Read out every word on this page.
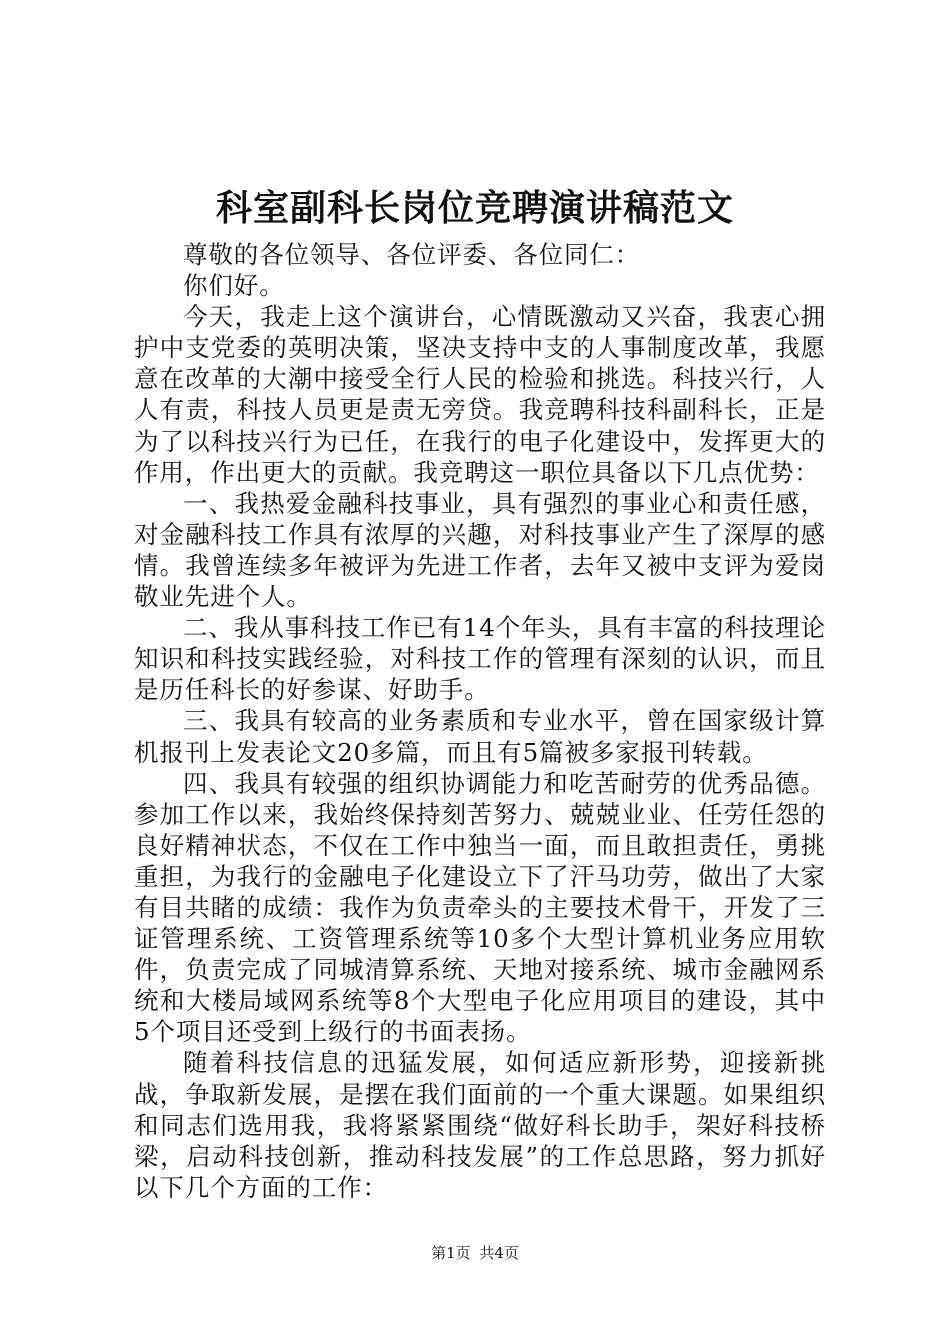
科室副科长岗位竞聘演讲稿范文

尊敬的各位领导、各位评委、各位同仁：

你们好。

今天，我走上这个演讲台，心情既激动又兴奋，我衷心拥护中支党委的英明决策，坚决支持中支的人事制度改革，我愿意在改革的大潮中接受全行人民的检验和挑选。科技兴行，人人有责，科技人员更是责无旁贷。我竞聘科技科副科长，正是为了以科技兴行为已任，在我行的电子化建设中，发挥更大的作用，作出更大的贡献。我竞聘这一职位具备以下几点优势：

一、我热爱金融科技事业，具有强烈的事业心和责任感，对金融科技工作具有浓厚的兴趣，对科技事业产生了深厚的感情。我曾连续多年被评为先进工作者，去年又被中支评为爱岗敬业先进个人。

二、我从事科技工作已有14个年头，具有丰富的科技理论知识和科技实践经验，对科技工作的管理有深刻的认识，而且是历任科长的好参谋、好助手。

三、我具有较高的业务素质和专业水平，曾在国家级计算机报刊上发表论文20多篇，而且有5篇被多家报刊转载。

四、我具有较强的组织协调能力和吃苦耐劳的优秀品德。参加工作以来，我始终保持刻苦努力、兢兢业业、任劳任怨的良好精神状态，不仅在工作中独当一面，而且敢担责任，勇挑重担，为我行的金融电子化建设立下了汗马功劳，做出了大家有目共睹的成绩：我作为负责牵头的主要技术骨干，开发了三证管理系统、工资管理系统等10多个大型计算机业务应用软件，负责完成了同城清算系统、天地对接系统、城市金融网系统和大楼局域网系统等8个大型电子化应用项目的建设，其中5个项目还受到上级行的书面表扬。

随着科技信息的迅猛发展，如何适应新形势，迎接新挑战，争取新发展，是摆在我们面前的一个重大课题。如果组织和同志们选用我，我将紧紧围绕“做好科长助手，架好科技桥梁，启动科技创新，推动科技发展”的工作总思路，努力抓好以下几个方面的工作：

第1页 共4页
